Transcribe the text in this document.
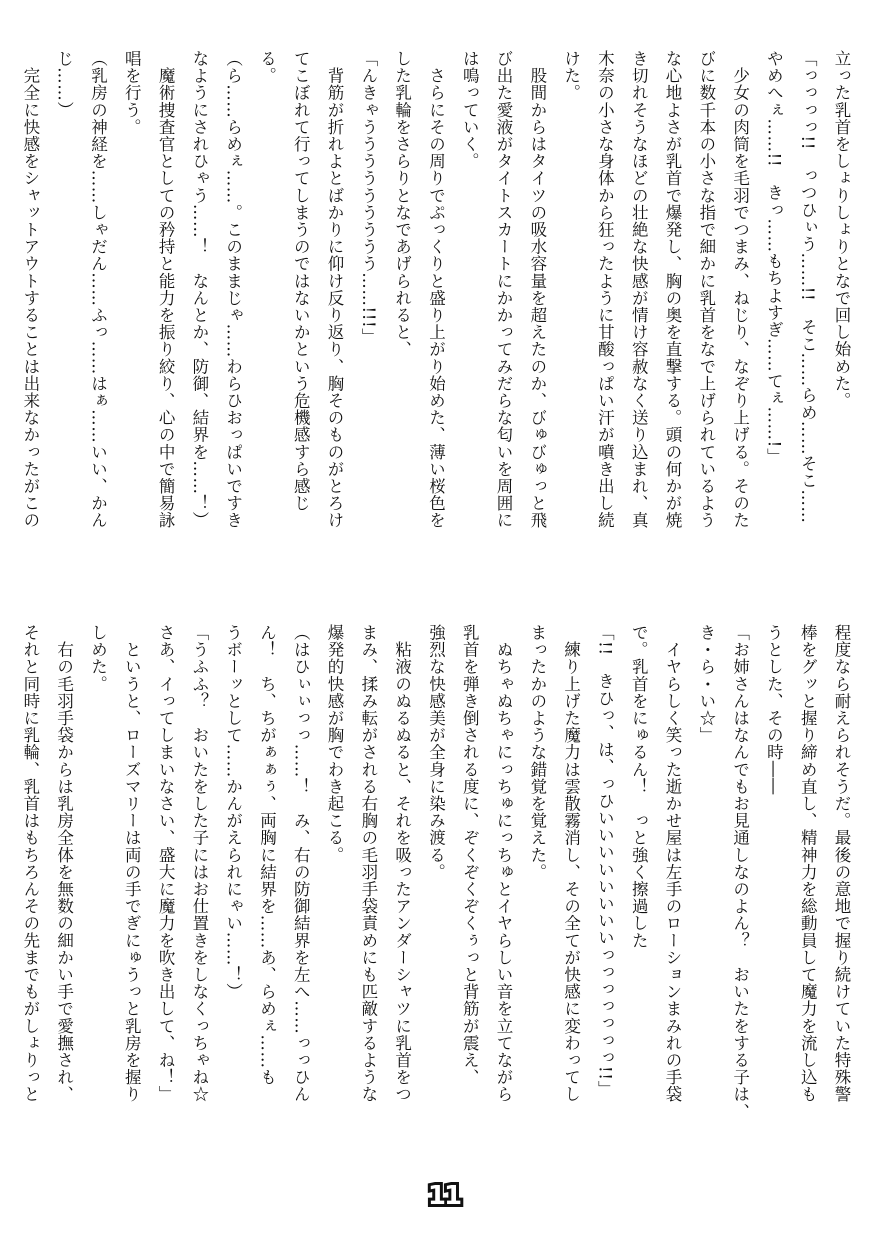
立った乳首をしょりしょりとなで回し始めた。

「っっっっ!!　っつひぃう……!!　そこ……らめ……そこ……

やめへぇ……!!　きっ……もちよすぎ……てぇ……!」

　少女の肉筒を毛羽でつまみ、ねじり、なぞり上げる。そのた

びに数千本の小さな指で細かに乳首をなで上げられているよう

な心地よさが乳首で爆発し、胸の奥を直撃する。頭の何かが焼

き切れそうなほどの壮絶な快感が情け容赦なく送り込まれ、真

木奈の小さな身体から狂ったように甘酸っぱい汗が噴き出し続

けた。

　股間からはタイツの吸水容量を超えたのか、びゅびゅっと飛

び出た愛液がタイトスカートにかかってみだらな匂いを周囲に

は鳴っていく。

　さらにその周りでぷっくりと盛り上がり始めた、薄い桜色を

した乳輪をさらりとなであげられると、

「んきゃううううううううう……!!!」

　背筋が折れよとばかりに仰け反り返り、胸そのものがとろけ

てこぼれて行ってしまうのではないかという危機感すら感じ

る。

（ら……らめぇ……。このままじゃ……わらひおっぱいですき

なようにされひゃう……！　なんとか、防御、結界を……！）

　魔術捜査官としての矜持と能力を振り絞り、心の中で簡易詠

唱を行う。

（乳房の神経を……しゃだん……ふっ……はぁ……いい、かん

じ……）

　完全に快感をシャットアウトすることは出来なかったがこの

程度なら耐えられそうだ。最後の意地で握り続けていた特殊警

棒をグッと握り締め直し、精神力を総動員して魔力を流し込も

うとした、その時――

「お姉さんはなんでもお見通しなのよん？　おいたをする子は、

き・ら・い☆」

　イヤらしく笑った逝かせ屋は左手のローションまみれの手袋

で。乳首をにゅるん！　っと強く擦過した

「!!　きひっ、は、っひいいいいいいいいっっっっっっっ!!」

　練り上げた魔力は雲散霧消し、その全てが快感に変わってし

まったかのような錯覚を覚えた。

　ぬちゃぬちゃにっちゅにっちゅとイヤらしい音を立てながら

乳首を弾き倒される度に、ぞくぞくぞくぅっと背筋が震え、

強烈な快感美が全身に染み渡る。

　粘液のぬるぬると、それを吸ったアンダーシャツに乳首をつ

まみ、揉み転がされる右胸の毛羽手袋責めにも匹敵するような

爆発的快感が胸でわき起こる。

（はひぃぃっっ……！　み、右の防御結界を左へ……っっひん

ん！　ち、ちがぁぁぅ、両胸に結界を……あ、らめぇ……も

うボーッとして……かんがえられにゃい……！）

「うふふ？　おいたをした子にはお仕置きをしなくっちゃね☆

さあ、イってしまいなさい、盛大に魔力を吹き出して、ね！」

　というと、ローズマリーは両の手でぎにゅうっと乳房を握り

しめた。

　右の毛羽手袋からは乳房全体を無数の細かい手で愛撫され、

それと同時に乳輪、乳首はもちろんその先までもがしょりっと

11
